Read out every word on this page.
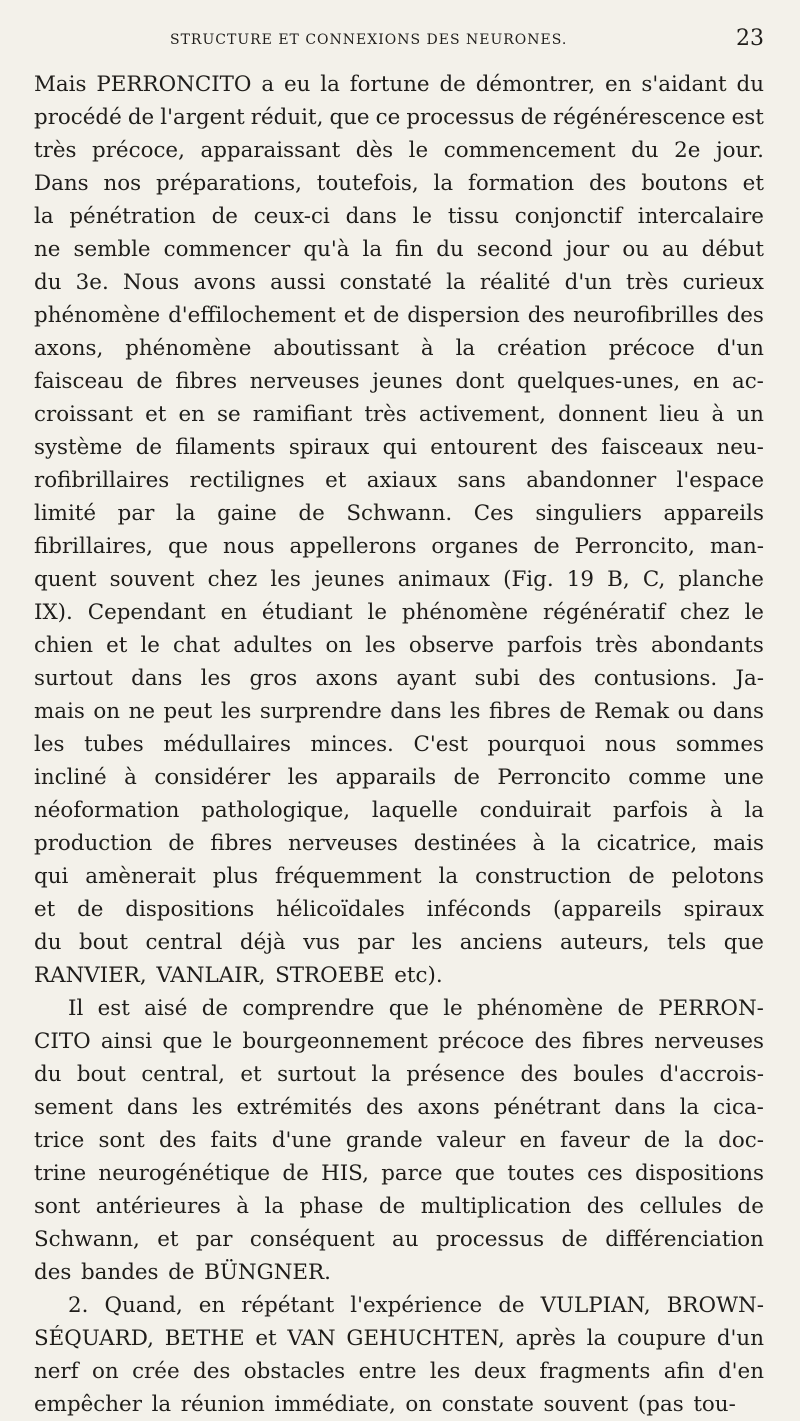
STRUCTURE ET CONNEXIONS DES NEURONES.	23
Mais PERRONCITO a eu la fortune de démontrer, en s'aidant du
procédé de l'argent réduit, que ce processus de régénérescence est
très précoce, apparaissant dès le commencement du 2e jour.
Dans nos préparations, toutefois, la formation des boutons et
la pénétration de ceux-ci dans le tissu conjonctif intercalaire
ne semble commencer qu'à la fin du second jour ou au début
du 3e. Nous avons aussi constaté la réalité d'un très curieux
phénomène d'effilochement et de dispersion des neurofibrilles des
axons, phénomène aboutissant à la création précoce d'un
faisceau de fibres nerveuses jeunes dont quelques-unes, en ac-
croissant et en se ramifiant très activement, donnent lieu à un
système de filaments spiraux qui entourent des faisceaux neu-
rofibrillaires rectilignes et axiaux sans abandonner l'espace
limité par la gaine de Schwann. Ces singuliers appareils
fibrillaires, que nous appellerons organes de Perroncito, man-
quent souvent chez les jeunes animaux (Fig. 19 B, C, planche
IX). Cependant en étudiant le phénomène régénératif chez le
chien et le chat adultes on les observe parfois très abondants
surtout dans les gros axons ayant subi des contusions. Ja-
mais on ne peut les surprendre dans les fibres de Remak ou dans
les tubes médullaires minces. C'est pourquoi nous sommes
incliné à considérer les apparails de Perroncito comme une
néoformation pathologique, laquelle conduirait parfois à la
production de fibres nerveuses destinées à la cicatrice, mais
qui amènerait plus fréquemment la construction de pelotons
et de dispositions hélicoïdales inféconds (appareils spiraux
du bout central déjà vus par les anciens auteurs, tels que
RANVIER, VANLAIR, STROEBE etc).
Il est aisé de comprendre que le phénomène de PERRON-
CITO ainsi que le bourgeonnement précoce des fibres nerveuses
du bout central, et surtout la présence des boules d'accrois-
sement dans les extrémités des axons pénétrant dans la cica-
trice sont des faits d'une grande valeur en faveur de la doc-
trine neurogénétique de HIS, parce que toutes ces dispositions
sont antérieures à la phase de multiplication des cellules de
Schwann, et par conséquent au processus de différenciation
des bandes de BÜNGNER.
2. Quand, en répétant l'expérience de VULPIAN, BROWN-
SÉQUARD, BETHE et VAN GEHUCHTEN, après la coupure d'un
nerf on crée des obstacles entre les deux fragments afin d'en
empêcher la réunion immédiate, on constate souvent (pas tou-
